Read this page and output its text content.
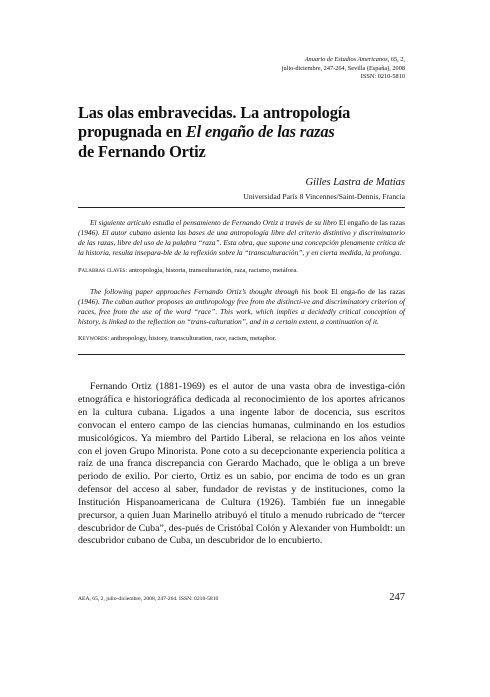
Anuario de Estudios Americanos, 65, 2,
julio-diciembre, 247-264, Sevilla (España), 2008
ISSN: 0210-5810
Las olas embravecidas. La antropología
propugnada en El engaño de las razas
de Fernando Ortiz
Gilles Lastra de Matías
Universidad París 8 Vincennes/Saint-Dennis, Francia

El siguiente artículo estudia el pensamiento de Fernando Ortiz a través de su libro El engaño de las razas (1946). El autor cubano asienta las bases de una antropología libre del criterio distintivo y discriminatorio de las razas, libre del uso de la palabra “raza”. Esta obra, que supone una concepción plenamente crítica de la historia, resulta insepara-ble de la reflexión sobre la “transculturación”, y en cierta medida, la prolonga.

Palabras claves: antropología, historia, transculturación, raza, racismo, metáfora.

The following paper approaches Fernando Ortiz’s thought through his book El enga-ño de las razas (1946). The cuban author proposes an anthropology free from the distincti-ve and discriminatory criterion of races, free from the use of the word “race”. This work, which implies a decidedly critical conception of history, is linked to the reflection on “trans-culturation”, and in a certain extent, a continuation of it.

Keywords: anthropology, history, transculturation, race, racism, metaphor.

Fernando Ortiz (1881-1969) es el autor de una vasta obra de investiga-ción etnográfica e historiográfica dedicada al reconocimiento de los aportes africanos en la cultura cubana. Ligados a una ingente labor de docencia, sus escritos convocan el entero campo de las ciencias humanas, culminando en los estudios musicológicos. Ya miembro del Partido Liberal, se relaciona en los años veinte con el joven Grupo Minorista. Pone coto a su decepcionante experiencia política a raíz de una franca discrepancia con Gerardo Machado, que le obliga a un breve periodo de exilio. Por cierto, Ortiz es un sabio, por encima de todo es un gran defensor del acceso al saber, fundador de revistas y de instituciones, como la Institución Hispanoamericana de Cultura (1926). También fue un innegable precursor, a quien Juan Marinello atribuyó el título a menudo rubricado de “tercer descubridor de Cuba”, des-pués de Cristóbal Colón y Alexander von Humboldt: un descubridor cubano de Cuba, un descubridor de lo encubierto.

AEA, 65, 2, julio-diciembre, 2008, 247-264. ISSN: 0210-5810	247
